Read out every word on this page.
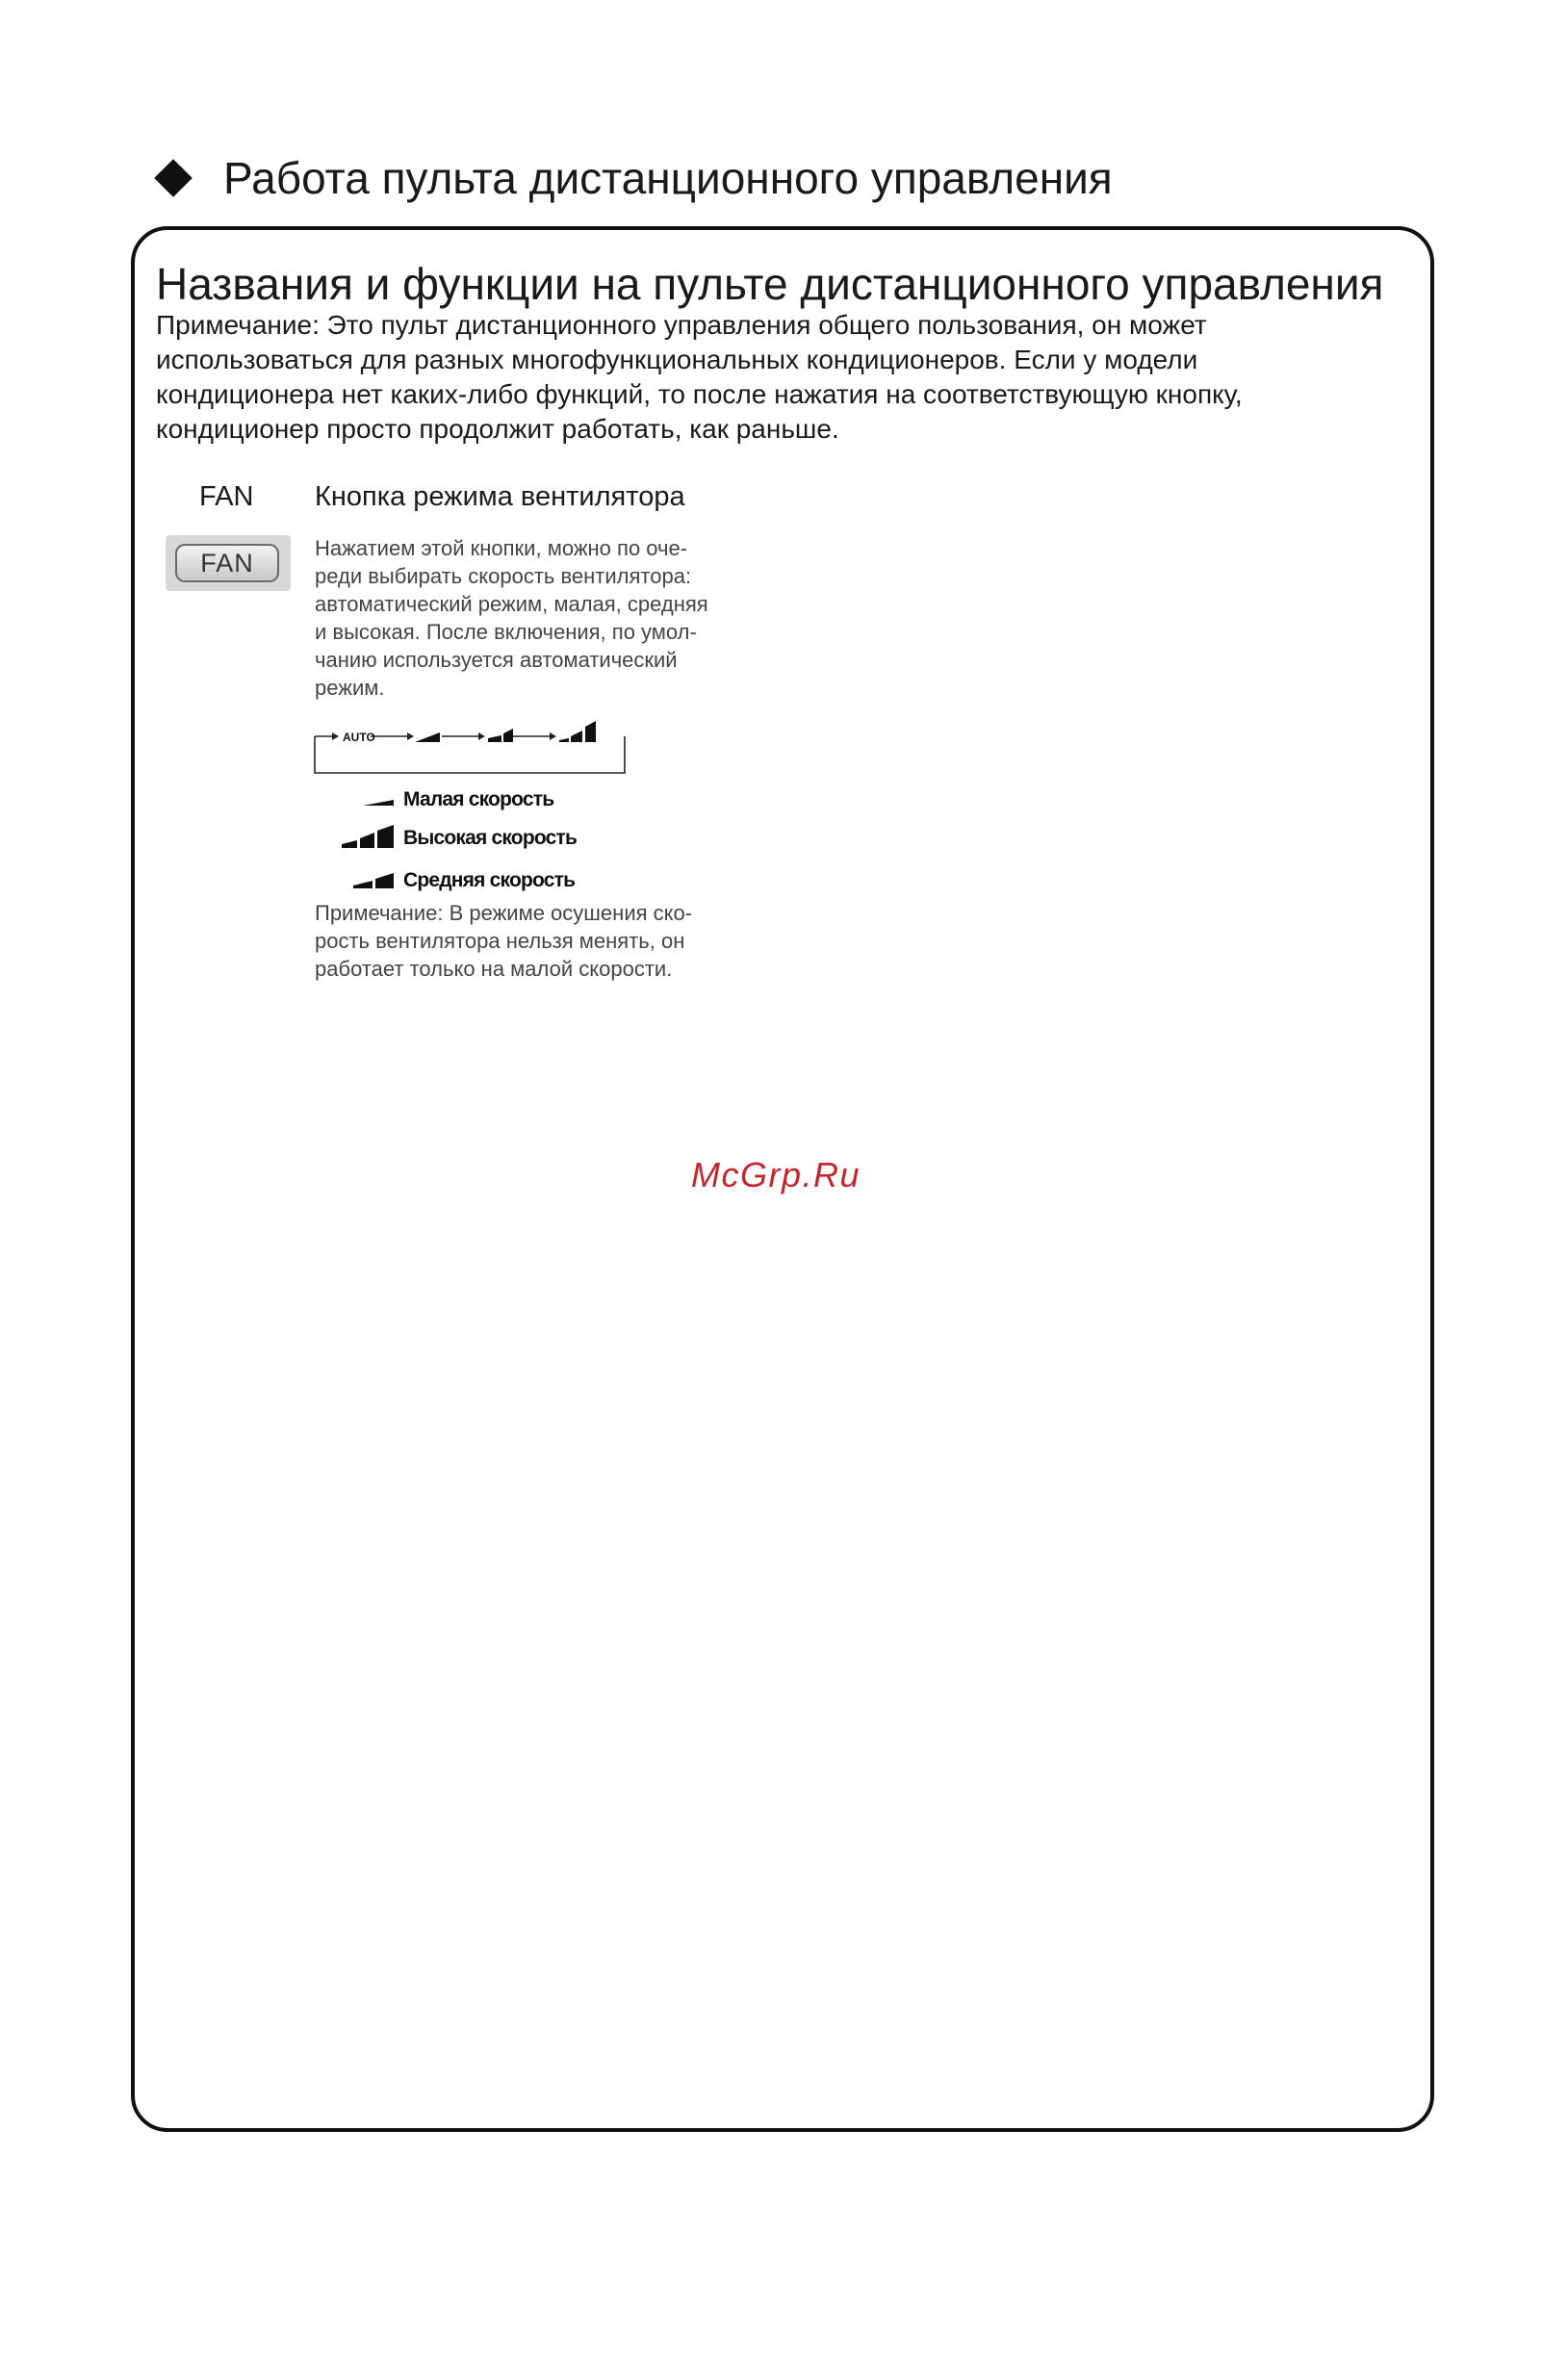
Работа пульта дистанционного управления
Названия и функции на пульте дистанционного управления

Примечание: Это пульт дистанционного управления общего пользования, он может

использоваться для разных многофункциональных кондиционеров. Если у модели

кондиционера нет каких-либо функций, то после нажатия на соответствующую кнопку,

кондиционер просто продолжит работать, как раньше.

FAN Кнопка режима вентилятора
FAN

Нажатием этой кнопки, можно по оче-

реди выбирать скорость вентилятора:

автоматический режим, малая, средняя

и высокая. После включения, по умол-

чанию используется автоматический

режим.

AUTO
Малая скорость
Высокая скорость
Средняя скорость

Примечание: В режиме осушения ско-

рость вентилятора нельзя менять, он

работает только на малой скорости.

McGrp.Ru
